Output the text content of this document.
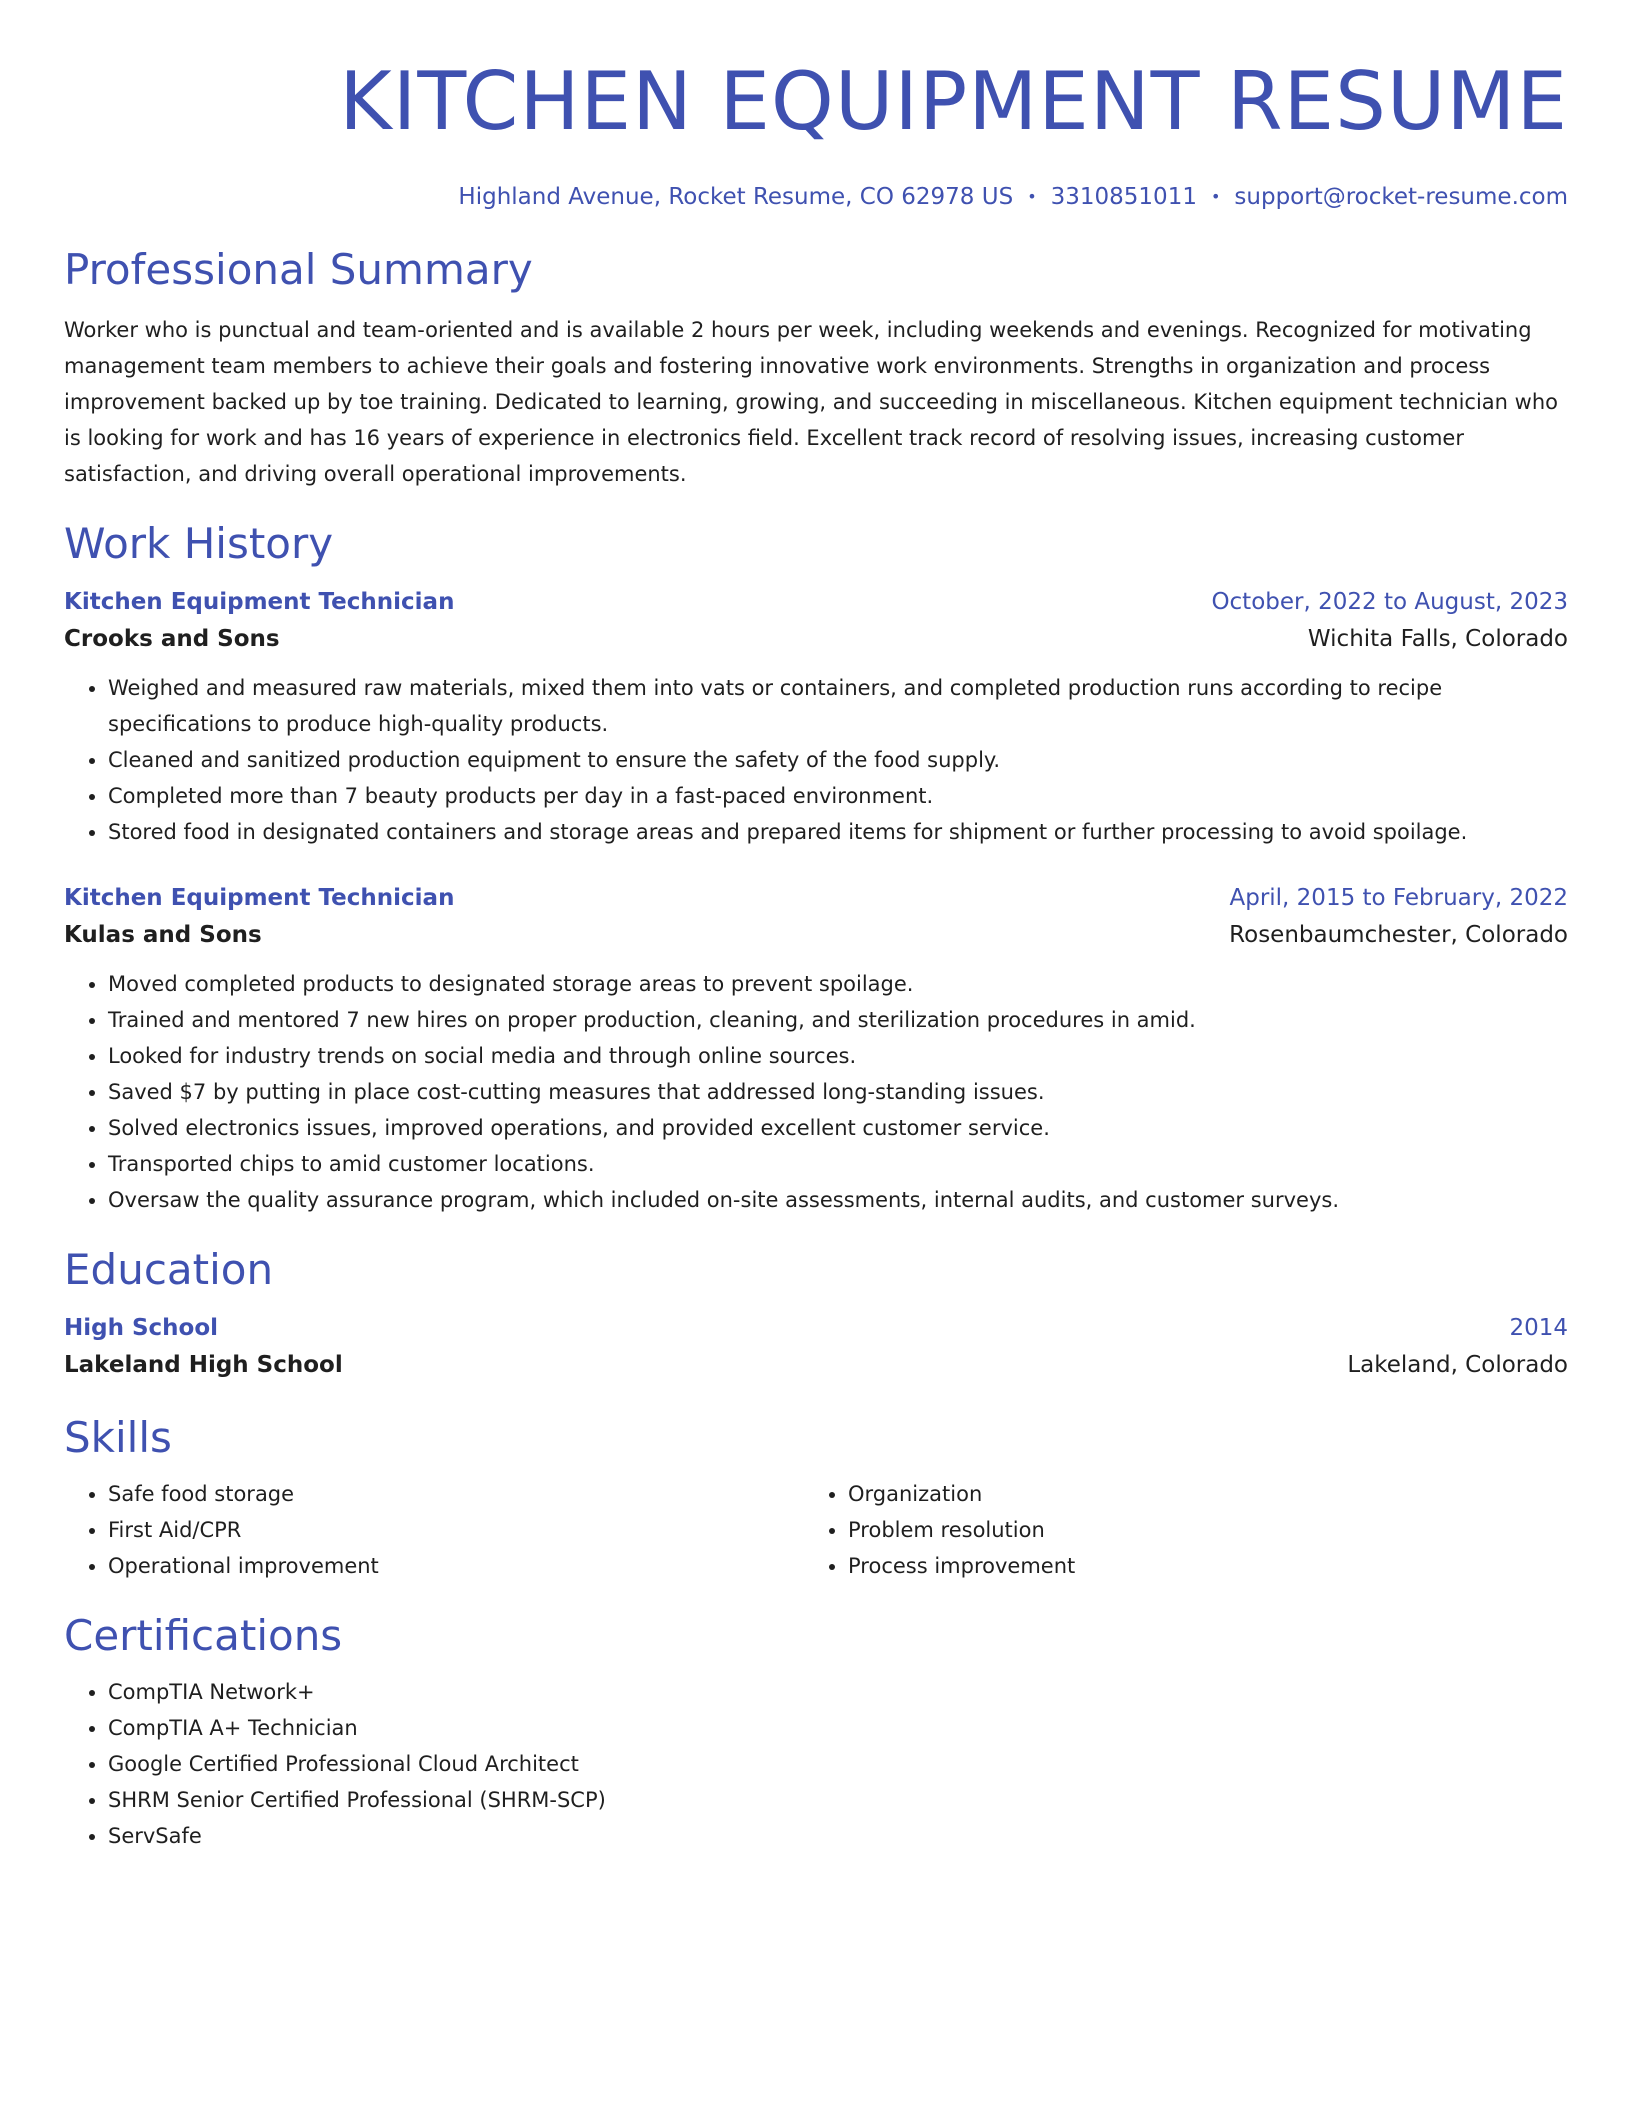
KITCHEN EQUIPMENT RESUME
Highland Avenue, Rocket Resume, CO 62978 US • 3310851011 • support@rocket-resume.com
Professional Summary

Worker who is punctual and team-oriented and is available 2 hours per week, including weekends and evenings. Recognized for motivating management team members to achieve their goals and fostering innovative work environments. Strengths in organization and process improvement backed up by toe training. Dedicated to learning, growing, and succeeding in miscellaneous. Kitchen equipment technician who is looking for work and has 16 years of experience in electronics field. Excellent track record of resolving issues, increasing customer satisfaction, and driving overall operational improvements.

Work History
Kitchen Equipment Technician	October, 2022 to August, 2023
Crooks and Sons	Wichita Falls, Colorado
• Weighed and measured raw materials, mixed them into vats or containers, and completed production runs according to recipe specifications to produce high-quality products.
• Cleaned and sanitized production equipment to ensure the safety of the food supply.
• Completed more than 7 beauty products per day in a fast-paced environment.
• Stored food in designated containers and storage areas and prepared items for shipment or further processing to avoid spoilage.
Kitchen Equipment Technician	April, 2015 to February, 2022
Kulas and Sons	Rosenbaumchester, Colorado
• Moved completed products to designated storage areas to prevent spoilage.
• Trained and mentored 7 new hires on proper production, cleaning, and sterilization procedures in amid.
• Looked for industry trends on social media and through online sources.
• Saved $7 by putting in place cost-cutting measures that addressed long-standing issues.
• Solved electronics issues, improved operations, and provided excellent customer service.
• Transported chips to amid customer locations.
• Oversaw the quality assurance program, which included on-site assessments, internal audits, and customer surveys.
Education
High School	2014
Lakeland High School	Lakeland, Colorado
Skills
• Safe food storage
• First Aid/CPR
• Operational improvement
• Organization
• Problem resolution
• Process improvement
Certifications
• CompTIA Network+
• CompTIA A+ Technician
• Google Certified Professional Cloud Architect
• SHRM Senior Certified Professional (SHRM-SCP)
• ServSafe
